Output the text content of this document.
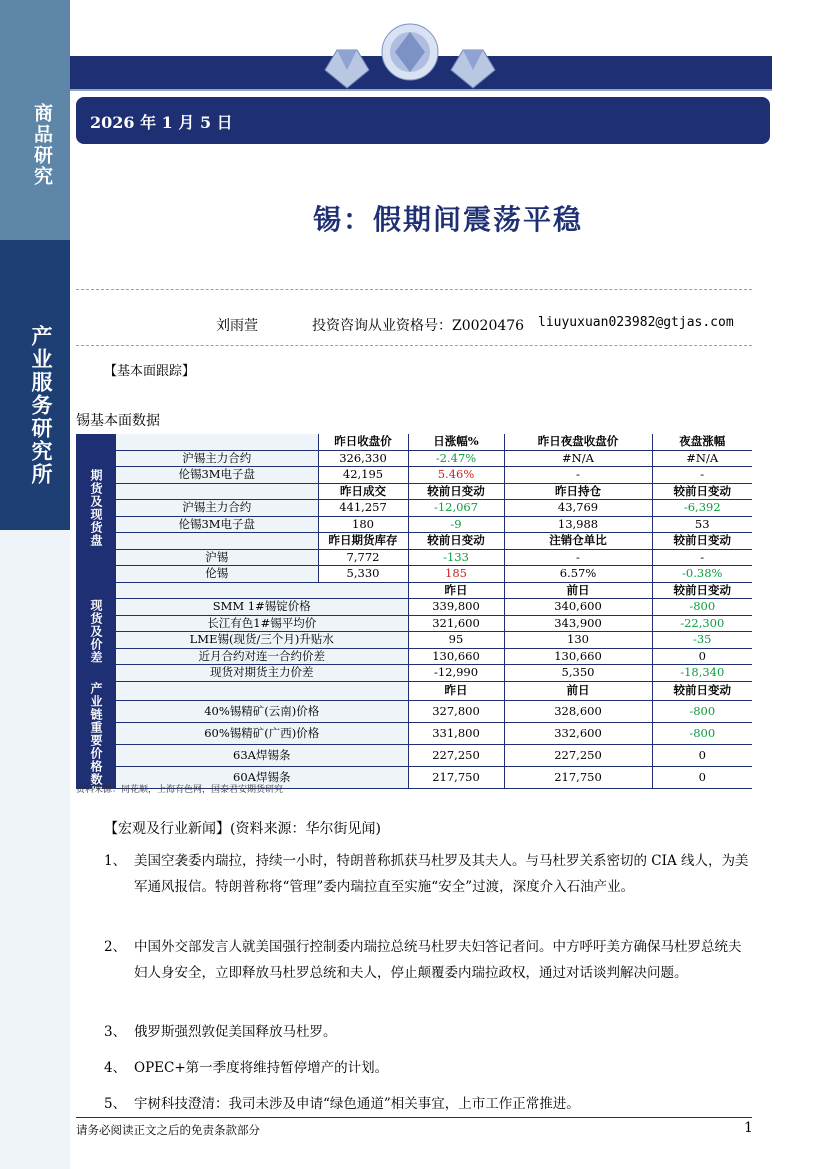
商品研究
产业服务研究所
2026 年 1 月 5 日
锡：假期间震荡平稳
刘雨萱	投资咨询从业资格号：Z0020476 liuyuxuan023982@gtjas.com
【基本面跟踪】
锡基本面数据
期货及现货盘		昨日收盘价	日涨幅%	昨日夜盘收盘价	夜盘涨幅
	沪锡主力合约	326,330	-2.47%	#N/A	#N/A
	伦锡3M电子盘	42,195	5.46%	-	-
		昨日成交	较前日变动	昨日持仓	较前日变动
	沪锡主力合约	441,257	-12,067	43,769	-6,392
	伦锡3M电子盘	180	-9	13,988	53
		昨日期货库存	较前日变动	注销仓单比	较前日变动
	沪锡	7,772	-133	-	-
	伦锡	5,330	185	6.57%	-0.38%
现货及价差			昨日	前日	较前日变动
	SMM 1#锡锭价格		339,800	340,600	-800
	长江有色1#锡平均价		321,600	343,900	-22,300
	LME锡(现货/三个月)升贴水		95	130	-35
	近月合约对连一合约价差		130,660	130,660	0
	现货对期货主力价差		-12,990	5,350	-18,340
产业链重要价格数据			昨日	前日	较前日变动
	40%锡精矿(云南)价格		327,800	328,600	-800
	60%锡精矿(广西)价格		331,800	332,600	-800
	63A焊锡条		227,250	227,250	0
	60A焊锡条		217,750	217,750	0
资料来源：同花顺，上海有色网，国泰君安期货研究
【宏观及行业新闻】(资料来源：华尔街见闻)
1、 美国空袭委内瑞拉，持续一小时，特朗普称抓获马杜罗及其夫人。与马杜罗关系密切的 CIA 线人，为美军通风报信。特朗普称将“管理”委内瑞拉直至实施“安全”过渡，深度介入石油产业。
2、 中国外交部发言人就美国强行控制委内瑞拉总统马杜罗夫妇答记者问。中方呼吁美方确保马杜罗总统夫妇人身安全，立即释放马杜罗总统和夫人，停止颠覆委内瑞拉政权，通过对话谈判解决问题。
3、 俄罗斯强烈敦促美国释放马杜罗。
4、 OPEC+第一季度将维持暂停增产的计划。
5、 宇树科技澄清：我司未涉及申请“绿色通道”相关事宜，上市工作正常推进。
请务必阅读正文之后的免责条款部分	1
